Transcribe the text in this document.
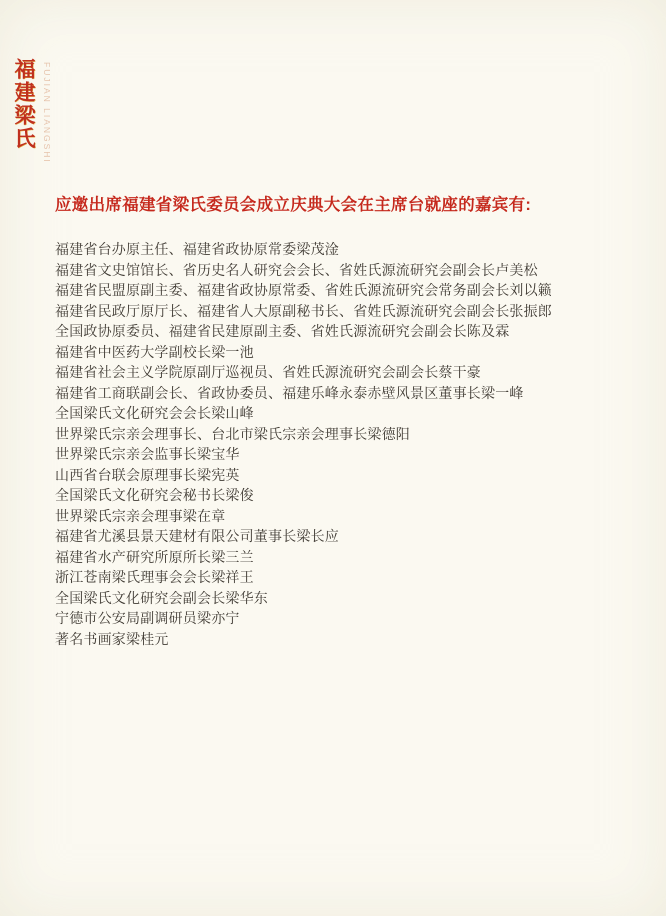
福建梁氏 FUJIAN LIANGSHI
应邀出席福建省梁氏委员会成立庆典大会在主席台就座的嘉宾有:

福建省台办原主任、福建省政协原常委梁茂淦

福建省文史馆馆长、省历史名人研究会会长、省姓氏源流研究会副会长卢美松

福建省民盟原副主委、福建省政协原常委、省姓氏源流研究会常务副会长刘以籁

福建省民政厅原厅长、福建省人大原副秘书长、省姓氏源流研究会副会长张振郎

全国政协原委员、福建省民建原副主委、省姓氏源流研究会副会长陈及霖

福建省中医药大学副校长梁一池

福建省社会主义学院原副厅巡视员、省姓氏源流研究会副会长蔡干豪

福建省工商联副会长、省政协委员、福建乐峰永泰赤壁风景区董事长梁一峰

全国梁氏文化研究会会长梁山峰

世界梁氏宗亲会理事长、台北市梁氏宗亲会理事长梁德阳

世界梁氏宗亲会监事长梁宝华

山西省台联会原理事长梁宪英

全国梁氏文化研究会秘书长梁俊

世界梁氏宗亲会理事梁在章

福建省尤溪县景天建材有限公司董事长梁长应

福建省水产研究所原所长梁三兰

浙江苍南梁氏理事会会长梁祥王

全国梁氏文化研究会副会长梁华东

宁德市公安局副调研员梁亦宁

著名书画家梁桂元
